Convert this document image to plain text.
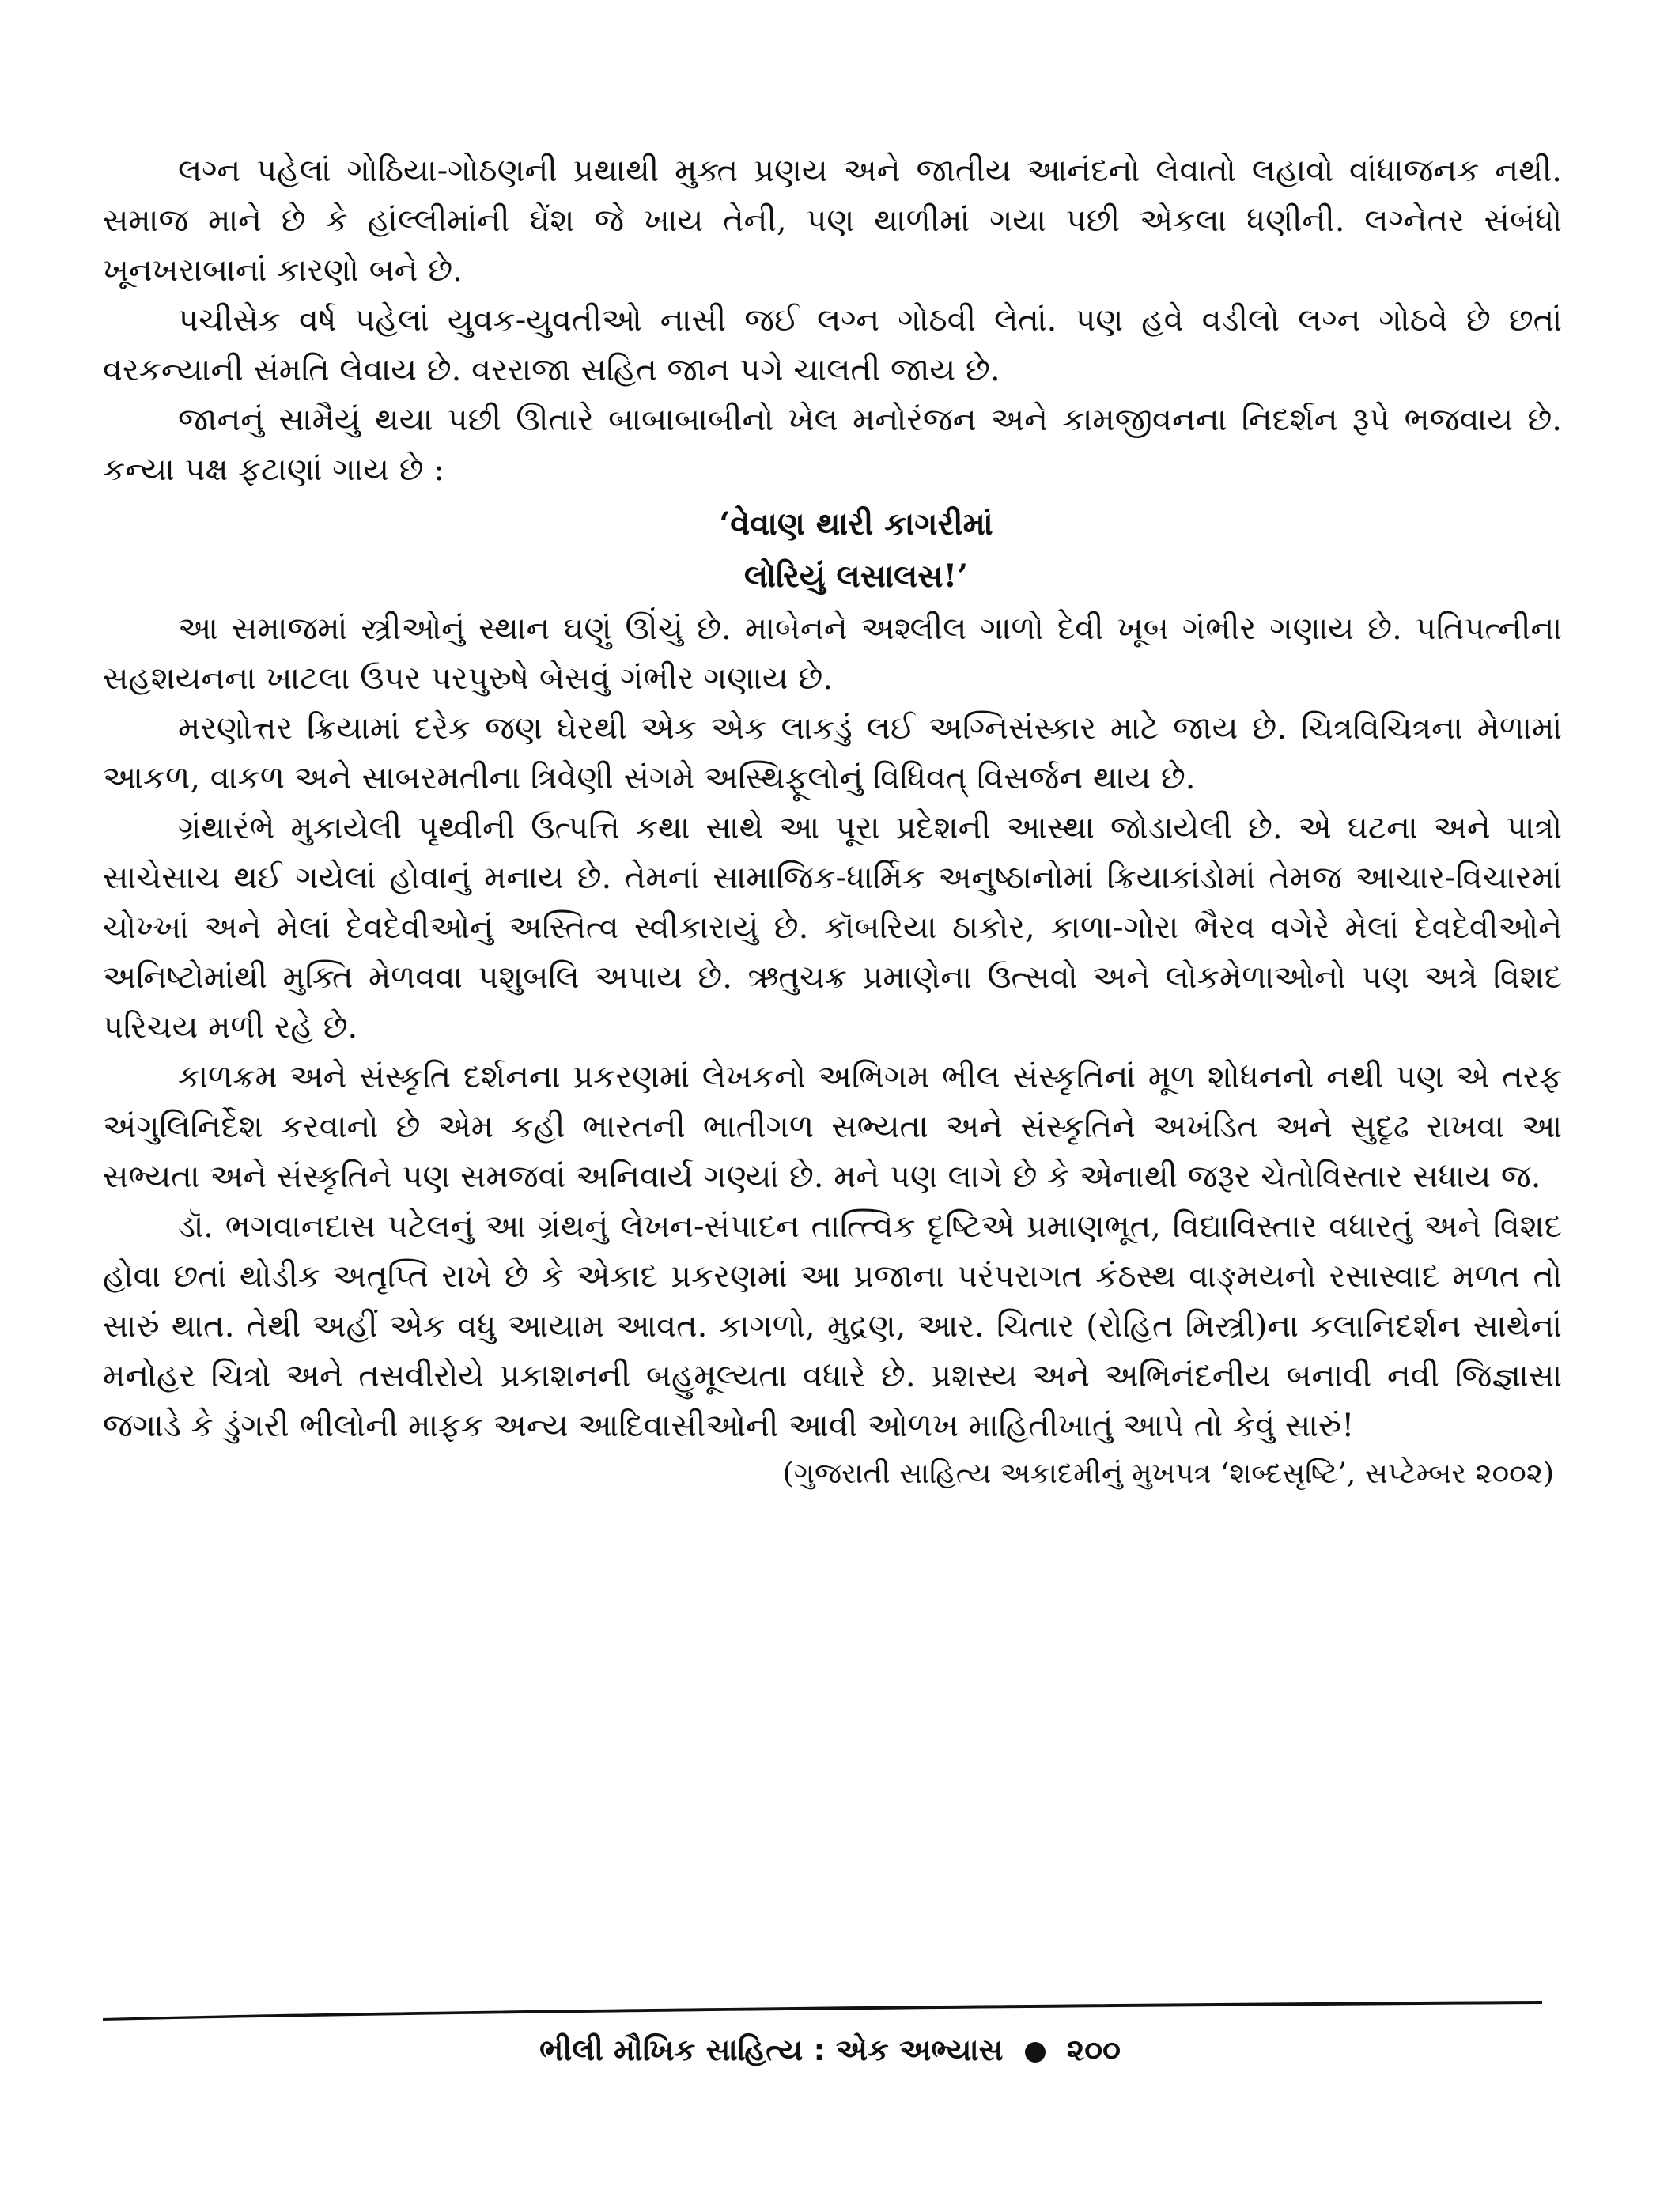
લગ્ન પહેલાં ગોઠિયા-ગોઠણની પ્રથાથી મુક્ત પ્રણય અને જાતીય આનંદનો લેવાતો લહાવો વાંધાજનક નથી. સમાજ માને છે કે હાંલ્લીમાંની ઘેંશ જે ખાય તેની, પણ થાળીમાં ગયા પછી એકલા ધણીની. લગ્નેતર સંબંધો ખૂનખરાબાનાં કારણો બને છે.

પચીસેક વર્ષ પહેલાં યુવક-યુવતીઓ નાસી જઈ લગ્ન ગોઠવી લેતાં. પણ હવે વડીલો લગ્ન ગોઠવે છે છતાં વરકન્યાની સંમતિ લેવાય છે. વરરાજા સહિત જાન પગે ચાલતી જાય છે.

જાનનું સામૈયું થયા પછી ઊતારે બાબાબાબીનો ખેલ મનોરંજન અને કામજીવનના નિદર્શન રૂપે ભજવાય છે. કન્યા પક્ષ ફટાણાં ગાય છે :

‘વેવાણ થારી કાગરીમાં

લોરિયું લસાલસ!’

આ સમાજમાં સ્ત્રીઓનું સ્થાન ઘણું ઊંચું છે. માબેનને અશ્લીલ ગાળો દેવી ખૂબ ગંભીર ગણાય છે. પતિપત્નીના સહશયનના ખાટલા ઉપર પરપુરુષે બેસવું ગંભીર ગણાય છે.

મરણોત્તર ક્રિયામાં દરેક જણ ઘેરથી એક એક લાકડું લઈ અગ્નિસંસ્કાર માટે જાય છે. ચિત્રવિચિત્રના મેળામાં આકળ, વાકળ અને સાબરમતીના ત્રિવેણી સંગમે અસ્થિફૂલોનું વિધિવત્ વિસર્જન થાય છે.

ગ્રંથારંભે મુકાયેલી પૃથ્વીની ઉત્પત્તિ કથા સાથે આ પૂરા પ્રદેશની આસ્થા જોડાયેલી છે. એ ઘટના અને પાત્રો સાચેસાચ થઈ ગયેલાં હોવાનું મનાય છે. તેમનાં સામાજિક-ધાર્મિક અનુષ્ઠાનોમાં ક્રિયાકાંડોમાં તેમજ આચાર-વિચારમાં ચોખ્ખાં અને મેલાં દેવદેવીઓનું અસ્તિત્વ સ્વીકારાયું છે. કૉબરિયા ઠાકોર, કાળા-ગોરા ભૈરવ વગેરે મેલાં દેવદેવીઓને અનિષ્ટોમાંથી મુક્તિ મેળવવા પશુબલિ અપાય છે. ઋતુચક્ર પ્રમાણેના ઉત્સવો અને લોકમેળાઓનો પણ અત્રે વિશદ પરિચય મળી રહે છે.

કાળક્રમ અને સંસ્કૃતિ દર્શનના પ્રકરણમાં લેખકનો અભિગમ ભીલ સંસ્કૃતિનાં મૂળ શોધનનો નથી પણ એ તરફ અંગુલિનિર્દેશ કરવાનો છે એમ કહી ભારતની ભાતીગળ સભ્યતા અને સંસ્કૃતિને અખંડિત અને સુદૃઢ રાખવા આ સભ્યતા અને સંસ્કૃતિને પણ સમજવાં અનિવાર્ય ગણ્યાં છે. મને પણ લાગે છે કે એનાથી જરૂર ચેતોવિસ્તાર સધાય જ.

ડૉ. ભગવાનદાસ પટેલનું આ ગ્રંથનું લેખન-સંપાદન તાત્ત્વિક દૃષ્ટિએ પ્રમાણભૂત, વિદ્યાવિસ્તાર વધારતું અને વિશદ હોવા છતાં થોડીક અતૃપ્તિ રાખે છે કે એકાદ પ્રકરણમાં આ પ્રજાના પરંપરાગત કંઠસ્થ વાઙ્મયનો રસાસ્વાદ મળત તો સારું થાત. તેથી અહીં એક વધુ આયામ આવત. કાગળો, મુદ્રણ, આર. ચિતાર (રોહિત મિસ્ત્રી)ના કલાનિદર્શન સાથેનાં મનોહર ચિત્રો અને તસવીરોયે પ્રકાશનની બહુમૂલ્યતા વધારે છે. પ્રશસ્ય અને અભિનંદનીય બનાવી નવી જિજ્ઞાસા જગાડે કે ડુંગરી ભીલોની માફક અન્ય આદિવાસીઓની આવી ઓળખ માહિતીખાતું આપે તો કેવું સારું!

(ગુજરાતી સાહિત્ય અકાદમીનું મુખપત્ર ‘શબ્દસૃષ્ટિ’, સપ્ટેમ્બર ૨૦૦૨)

ભીલી મૌખિક સાહિત્ય : એક અભ્યાસ ૨૦૦
